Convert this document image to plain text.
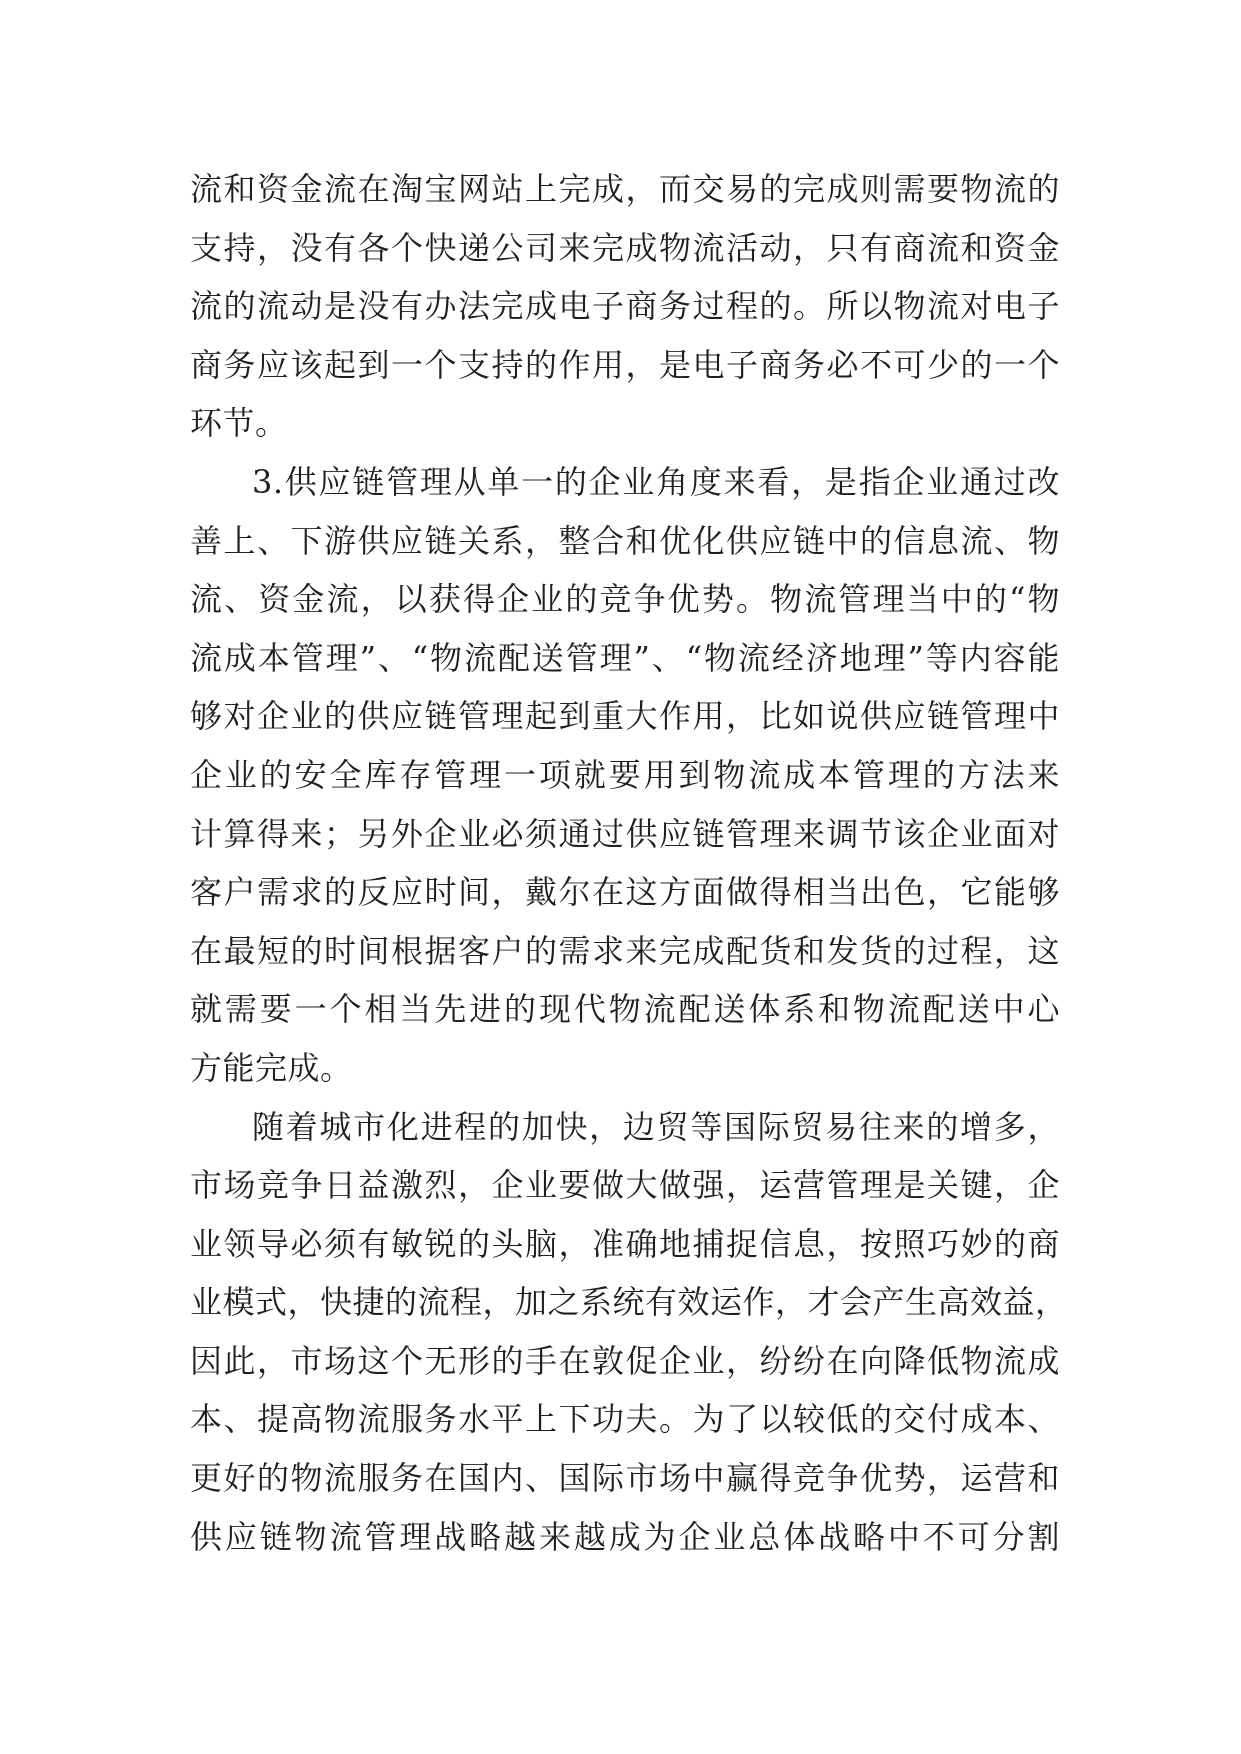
流和资金流在淘宝网站上完成，而交易的完成则需要物流的
支持，没有各个快递公司来完成物流活动，只有商流和资金
流的流动是没有办法完成电子商务过程的。所以物流对电子
商务应该起到一个支持的作用，是电子商务必不可少的一个
环节。
3.供应链管理从单一的企业角度来看，是指企业通过改
善上、下游供应链关系，整合和优化供应链中的信息流、物
流、资金流，以获得企业的竞争优势。物流管理当中的“物
流成本管理”、“物流配送管理”、“物流经济地理”等内容能
够对企业的供应链管理起到重大作用，比如说供应链管理中
企业的安全库存管理一项就要用到物流成本管理的方法来
计算得来；另外企业必须通过供应链管理来调节该企业面对
客户需求的反应时间，戴尔在这方面做得相当出色，它能够
在最短的时间根据客户的需求来完成配货和发货的过程，这
就需要一个相当先进的现代物流配送体系和物流配送中心
方能完成。
随着城市化进程的加快，边贸等国际贸易往来的增多，
市场竞争日益激烈，企业要做大做强，运营管理是关键，企
业领导必须有敏锐的头脑，准确地捕捉信息，按照巧妙的商
业模式，快捷的流程，加之系统有效运作，才会产生高效益，
因此，市场这个无形的手在敦促企业，纷纷在向降低物流成
本、提高物流服务水平上下功夫。为了以较低的交付成本、
更好的物流服务在国内、国际市场中赢得竞争优势，运营和
供应链物流管理战略越来越成为企业总体战略中不可分割
